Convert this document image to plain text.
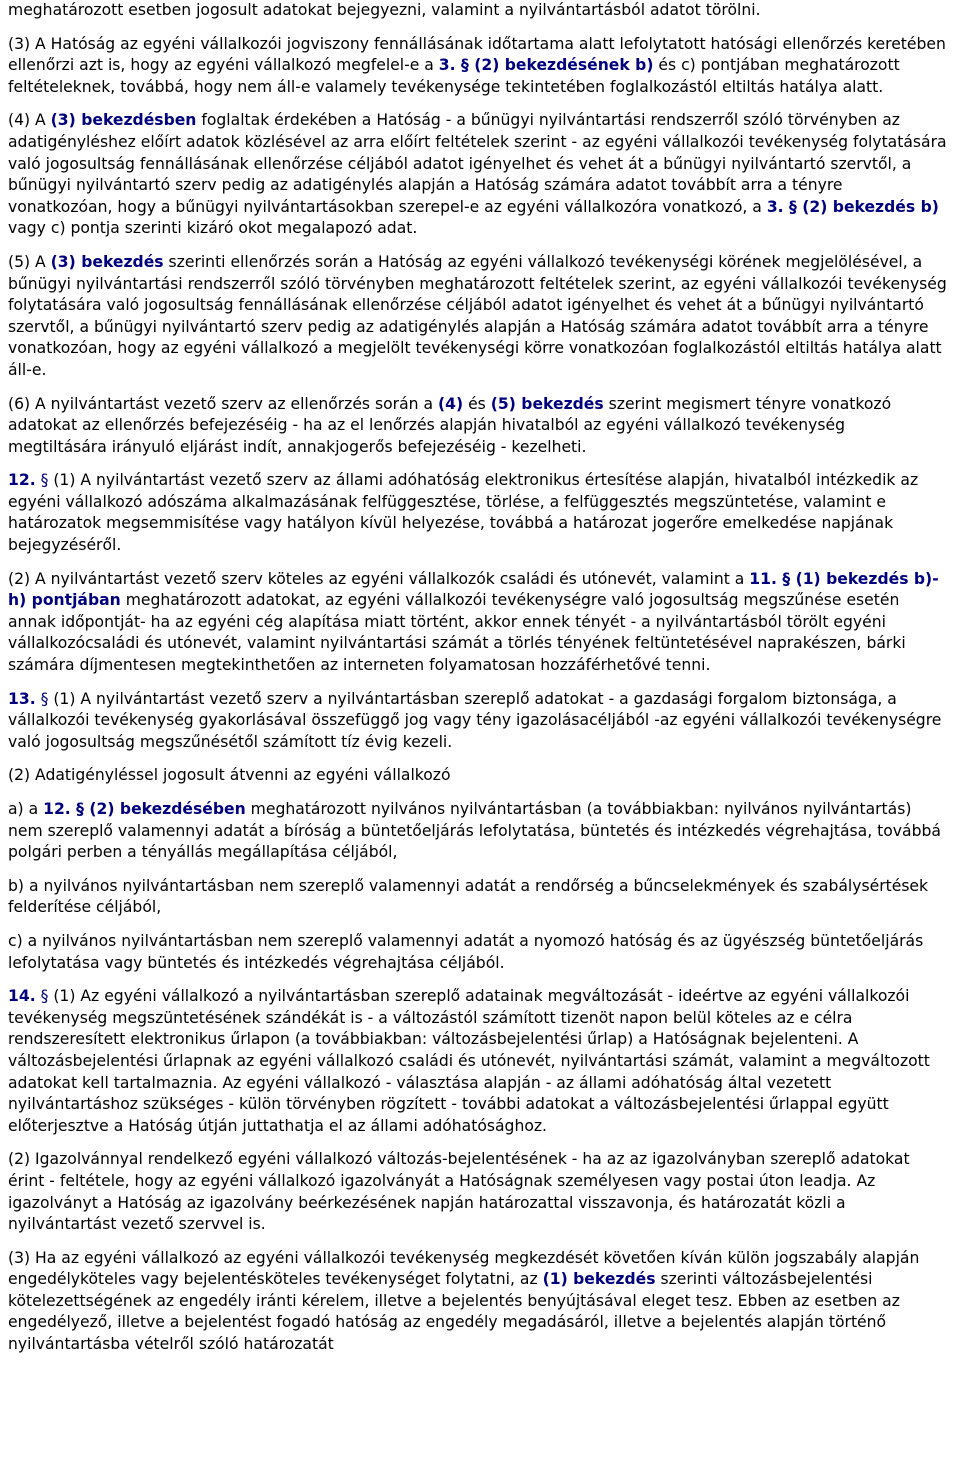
meghatározott esetben jogosult adatokat bejegyezni, valamint a nyilvántartásból adatot törölni.

(3) A Hatóság az egyéni vállalkozói jogviszony fennállásának időtartama alatt lefolytatott hatósági ellenőrzés keretében ellenőrzi azt is, hogy az egyéni vállalkozó megfelel-e a 3. § (2) bekezdésének b) és c) pontjában meghatározott feltételeknek, továbbá, hogy nem áll-e valamely tevékenysége tekintetében foglalkozástól eltiltás hatálya alatt.

(4) A (3) bekezdésben foglaltak érdekében a Hatóság - a bűnügyi nyilvántartási rendszerről szóló törvényben az adatigényléshez előírt adatok közlésével az arra előírt feltételek szerint - az egyéni vállalkozói tevékenység folytatására való jogosultság fennállásának ellenőrzése céljából adatot igényelhet és vehet át a bűnügyi nyilvántartó szervtől, a bűnügyi nyilvántartó szerv pedig az adatigénylés alapján a Hatóság számára adatot továbbít arra a tényre vonatkozóan, hogy a bűnügyi nyilvántartásokban szerepel-e az egyéni vállalkozóra vonatkozó, a 3. § (2) bekezdés b) vagy c) pontja szerinti kizáró okot megalapozó adat.

(5) A (3) bekezdés szerinti ellenőrzés során a Hatóság az egyéni vállalkozó tevékenységi körének megjelölésével, a bűnügyi nyilvántartási rendszerről szóló törvényben meghatározott feltételek szerint, az egyéni vállalkozói tevékenység folytatására való jogosultság fennállásának ellenőrzése céljából adatot igényelhet és vehet át a bűnügyi nyilvántartó szervtől, a bűnügyi nyilvántartó szerv pedig az adatigénylés alapján a Hatóság számára adatot továbbít arra a tényre vonatkozóan, hogy az egyéni vállalkozó a megjelölt tevékenységi körre vonatkozóan foglalkozástól eltiltás hatálya alatt áll-e.

(6) A nyilvántartást vezető szerv az ellenőrzés során a (4) és (5) bekezdés szerint megismert tényre vonatkozó adatokat az ellenőrzés befejezéséig - ha az el lenőrzés alapján hivatalból az egyéni vállalkozó tevékenység megtiltására irányuló eljárást indít, annakjogerős befejezéséig - kezelheti.

12. § (1) A nyilvántartást vezető szerv az állami adóhatóság elektronikus értesítése alapján, hivatalból intézkedik az egyéni vállalkozó adószáma alkalmazásának felfüggesztése, törlése, a felfüggesztés megszüntetése, valamint e határozatok megsemmisítése vagy hatályon kívül helyezése, továbbá a határozat jogerőre emelkedése napjának bejegyzéséről.

(2) A nyilvántartást vezető szerv köteles az egyéni vállalkozók családi és utónevét, valamint a 11. § (1) bekezdés b)-h) pontjában meghatározott adatokat, az egyéni vállalkozói tevékenységre való jogosultság megszűnése esetén annak időpontját- ha az egyéni cég alapítása miatt történt, akkor ennek tényét - a nyilvántartásból törölt egyéni vállalkozócsaládi és utónevét, valamint nyilvántartási számát a törlés tényének feltüntetésével naprakészen, bárki számára díjmentesen megtekinthetően az interneten folyamatosan hozzáférhetővé tenni.

13. § (1) A nyilvántartást vezető szerv a nyilvántartásban szereplő adatokat - a gazdasági forgalom biztonsága, a vállalkozói tevékenység gyakorlásával összefüggő jog vagy tény igazolásacéljából -az egyéni vállalkozói tevékenységre való jogosultság megszűnésétől számított tíz évig kezeli.

(2) Adatigényléssel jogosult átvenni az egyéni vállalkozó

a) a 12. § (2) bekezdésében meghatározott nyilvános nyilvántartásban (a továbbiakban: nyilvános nyilvántartás) nem szereplő valamennyi adatát a bíróság a büntetőeljárás lefolytatása, büntetés és intézkedés végrehajtása, továbbá polgári perben a tényállás megállapítása céljából,

b) a nyilvános nyilvántartásban nem szereplő valamennyi adatát a rendőrség a bűncselekmények és szabálysértések felderítése céljából,

c) a nyilvános nyilvántartásban nem szereplő valamennyi adatát a nyomozó hatóság és az ügyészség büntetőeljárás lefolytatása vagy büntetés és intézkedés végrehajtása céljából.

14. § (1) Az egyéni vállalkozó a nyilvántartásban szereplő adatainak megváltozását - ideértve az egyéni vállalkozói tevékenység megszüntetésének szándékát is - a változástól számított tizenöt napon belül köteles az e célra rendszeresített elektronikus űrlapon (a továbbiakban: változásbejelentési űrlap) a Hatóságnak bejelenteni. A változásbejelentési űrlapnak az egyéni vállalkozó családi és utónevét, nyilvántartási számát, valamint a megváltozott adatokat kell tartalmaznia. Az egyéni vállalkozó - választása alapján - az állami adóhatóság által vezetett nyilvántartáshoz szükséges - külön törvényben rögzített - további adatokat a változásbejelentési űrlappal együtt előterjesztve a Hatóság útján juttathatja el az állami adóhatósághoz.

(2) Igazolvánnyal rendelkező egyéni vállalkozó változás-bejelentésének - ha az az igazolványban szereplő adatokat érint - feltétele, hogy az egyéni vállalkozó igazolványát a Hatóságnak személyesen vagy postai úton leadja. Az igazolványt a Hatóság az igazolvány beérkezésének napján határozattal visszavonja, és határozatát közli a nyilvántartást vezető szervvel is.

(3) Ha az egyéni vállalkozó az egyéni vállalkozói tevékenység megkezdését követően kíván külön jogszabály alapján engedélyköteles vagy bejelentésköteles tevékenységet folytatni, az (1) bekezdés szerinti változásbejelentési kötelezettségének az engedély iránti kérelem, illetve a bejelentés benyújtásával eleget tesz. Ebben az esetben az engedélyező, illetve a bejelentést fogadó hatóság az engedély megadásáról, illetve a bejelentés alapján történő nyilvántartásba vételről szóló határozatát
